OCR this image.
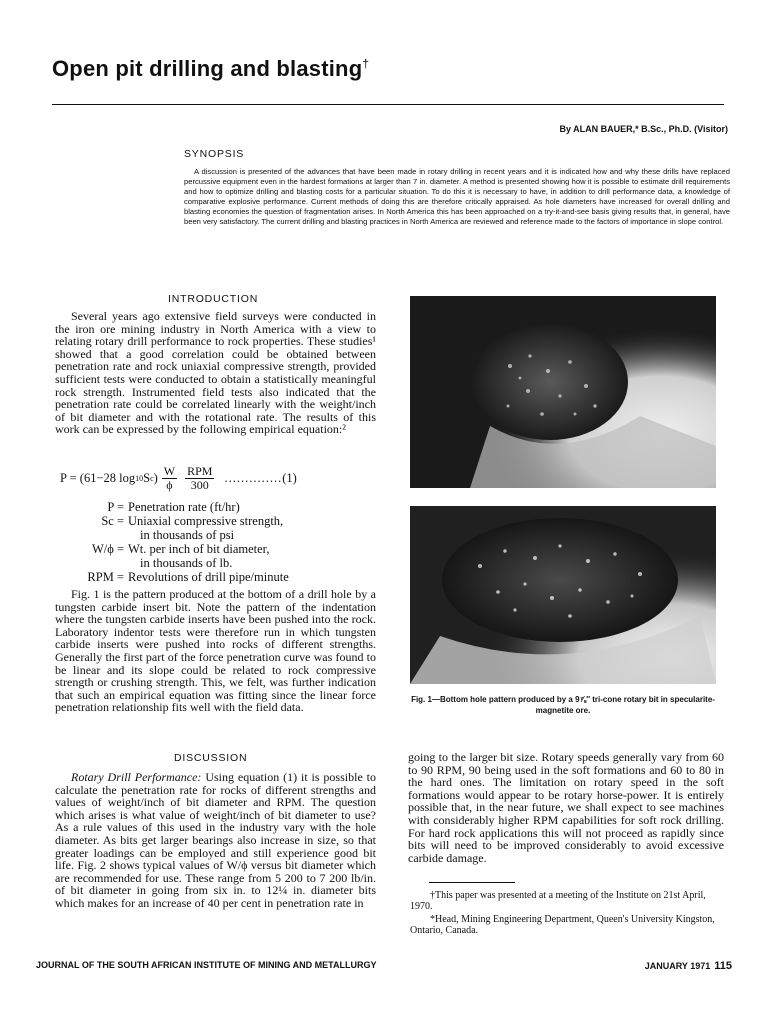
Open pit drilling and blasting†
By ALAN BAUER,* B.Sc., Ph.D. (Visitor)
SYNOPSIS

A discussion is presented of the advances that have been made in rotary drilling in recent years and it is indicated how and why these drills have replaced percussive equipment even in the hardest formations at larger than 7 in. diameter. A method is presented showing how it is possible to estimate drill requirements and how to optimize drilling and blasting costs for a particular situation. To do this it is necessary to have, in addition to drill performance data, a knowledge of comparative explosive performance. Current methods of doing this are therefore critically appraised. As hole diameters have increased for overall drilling and blasting economies the question of fragmentation arises. In North America this has been approached on a try-it-and-see basis giving results that, in general, have been very satisfactory. The current drilling and blasting practices in North America are reviewed and reference made to the factors of importance in slope control.

INTRODUCTION

Several years ago extensive field surveys were conducted in the iron ore mining industry in North America with a view to relating rotary drill performance to rock properties. These studies¹ showed that a good correlation could be obtained between penetration rate and rock uniaxial compressive strength, provided sufficient tests were conducted to obtain a statistically meaningful rock strength. Instrumented field tests also indicated that the penetration rate could be correlated linearly with the weight/inch of bit diameter and with the rotational rate. The results of this work can be expressed by the following empirical equation:²

P = (61−28 log 10 S c ) $\frac{W}{\phi} \frac{\text{RPM}}{300}$ .............. (1)
P = Penetration rate (ft/hr)
Sc = Uniaxial compressive strength,
in thousands of psi
W/ϕ = Wt. per inch of bit diameter,
in thousands of lb.
RPM = Revolutions of drill pipe/minute

Fig. 1 is the pattern produced at the bottom of a drill hole by a tungsten carbide insert bit. Note the pattern of the indentation where the tungsten carbide inserts have been pushed into the rock. Laboratory indentor tests were therefore run in which tungsten carbide inserts were pushed into rocks of different strengths. Generally the first part of the force penetration curve was found to be linear and its slope could be related to rock compressive strength or crushing strength. This, we felt, was further indication that such an empirical equation was fitting since the linear force penetration relationship fits well with the field data.

DISCUSSION

Rotary Drill Performance: Using equation (1) it is possible to calculate the penetration rate for rocks of different strengths and values of weight/inch of bit diameter and RPM. The question which arises is what value of weight/inch of bit diameter to use? As a rule values of this used in the industry vary with the hole diameter. As bits get larger bearings also increase in size, so that greater loadings can be employed and still experience good bit life. Fig. 2 shows typical values of W/ϕ versus bit diameter which are recommended for use. These range from 5 200 to 7 200 lb/in. of bit diameter in going from six in. to 12¼ in. diameter bits which makes for an increase of 40 per cent in penetration rate in

Fig. 1—Bottom hole pattern produced by a 9⅞″ tri-cone rotary bit in specularite-magnetite ore.

going to the larger bit size. Rotary speeds generally vary from 60 to 90 RPM, 90 being used in the soft formations and 60 to 80 in the hard ones. The limitation on rotary speed in the soft formations would appear to be rotary horse-power. It is entirely possible that, in the near future, we shall expect to see machines with considerably higher RPM capabilities for soft rock drilling. For hard rock applications this will not proceed as rapidly since bits will need to be improved considerably to avoid excessive carbide damage.

†This paper was presented at a meeting of the Institute on 21st April, 1970.

*Head, Mining Engineering Department, Queen's University Kingston, Ontario, Canada.

JOURNAL OF THE SOUTH AFRICAN INSTITUTE OF MINING AND METALLURGY	JANUARY 1971 115
